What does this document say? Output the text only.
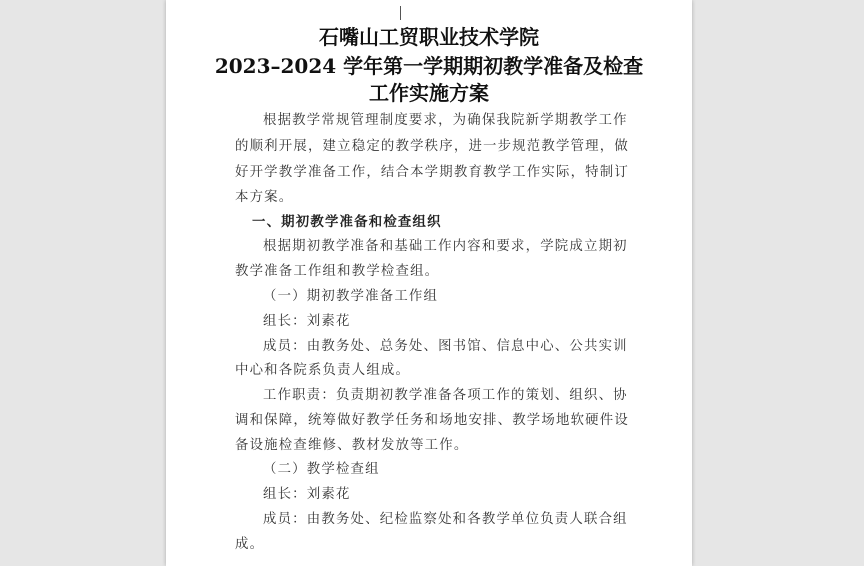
石嘴山工贸职业技术学院
2023–2024 学年第一学期期初教学准备及检查
工作实施方案
根据教学常规管理制度要求，为确保我院新学期教学工作
的顺利开展，建立稳定的教学秩序，进一步规范教学管理，做
好开学教学准备工作，结合本学期教育教学工作实际，特制订
本方案。
一、期初教学准备和检查组织
根据期初教学准备和基础工作内容和要求，学院成立期初
教学准备工作组和教学检查组。
（一）期初教学准备工作组
组长：刘素花
成员：由教务处、总务处、图书馆、信息中心、公共实训
中心和各院系负责人组成。
工作职责：负责期初教学准备各项工作的策划、组织、协
调和保障，统筹做好教学任务和场地安排、教学场地软硬件设
备设施检查维修、教材发放等工作。
（二）教学检查组
组长：刘素花
成员：由教务处、纪检监察处和各教学单位负责人联合组
成。
